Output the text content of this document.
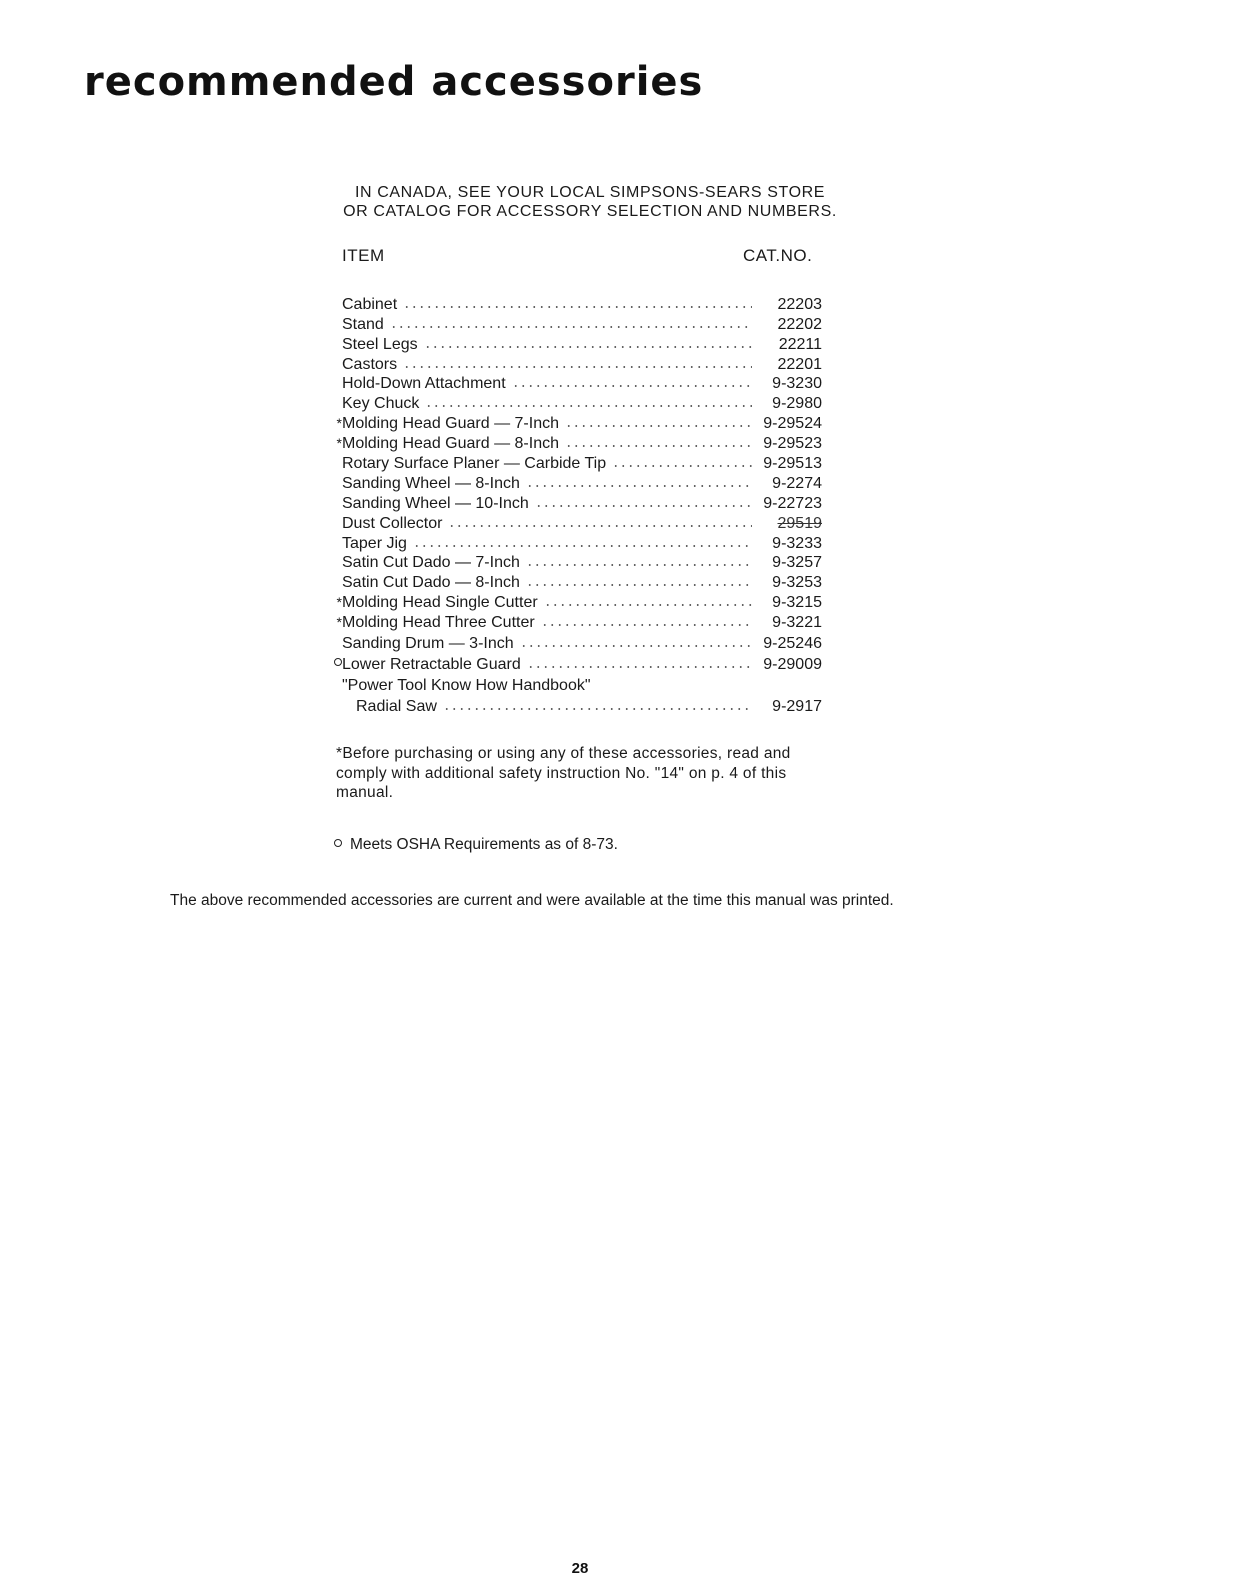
recommended accessories
IN CANADA, SEE YOUR LOCAL SIMPSONS-SEARS STORE
OR CATALOG FOR ACCESSORY SELECTION AND NUMBERS.
ITEM	CAT.NO.
Cabinet	22203
Stand	22202
Steel Legs	22211
Castors	22201
Hold-Down Attachment	9-3230
Key Chuck	9-2980
* Molding Head Guard — 7-Inch	9-29524
* Molding Head Guard — 8-Inch	9-29523
Rotary Surface Planer — Carbide Tip	9-29513
Sanding Wheel — 8-Inch	9-2274
Sanding Wheel — 10-Inch	9-22723
Dust Collector	29519
Taper Jig	9-3233
Satin Cut Dado — 7-Inch	9-3257
Satin Cut Dado — 8-Inch	9-3253
* Molding Head Single Cutter	9-3215
* Molding Head Three Cutter	9-3221
Sanding Drum — 3-Inch	9-25246
Lower Retractable Guard	9-29009
"Power Tool Know How Handbook"
Radial Saw	9-2917

*Before purchasing or using any of these accessories, read and comply with additional safety instruction No. "14" on p. 4 of this manual.

Meets OSHA Requirements as of 8-73.

The above recommended accessories are current and were available at the time this manual was printed.

28
